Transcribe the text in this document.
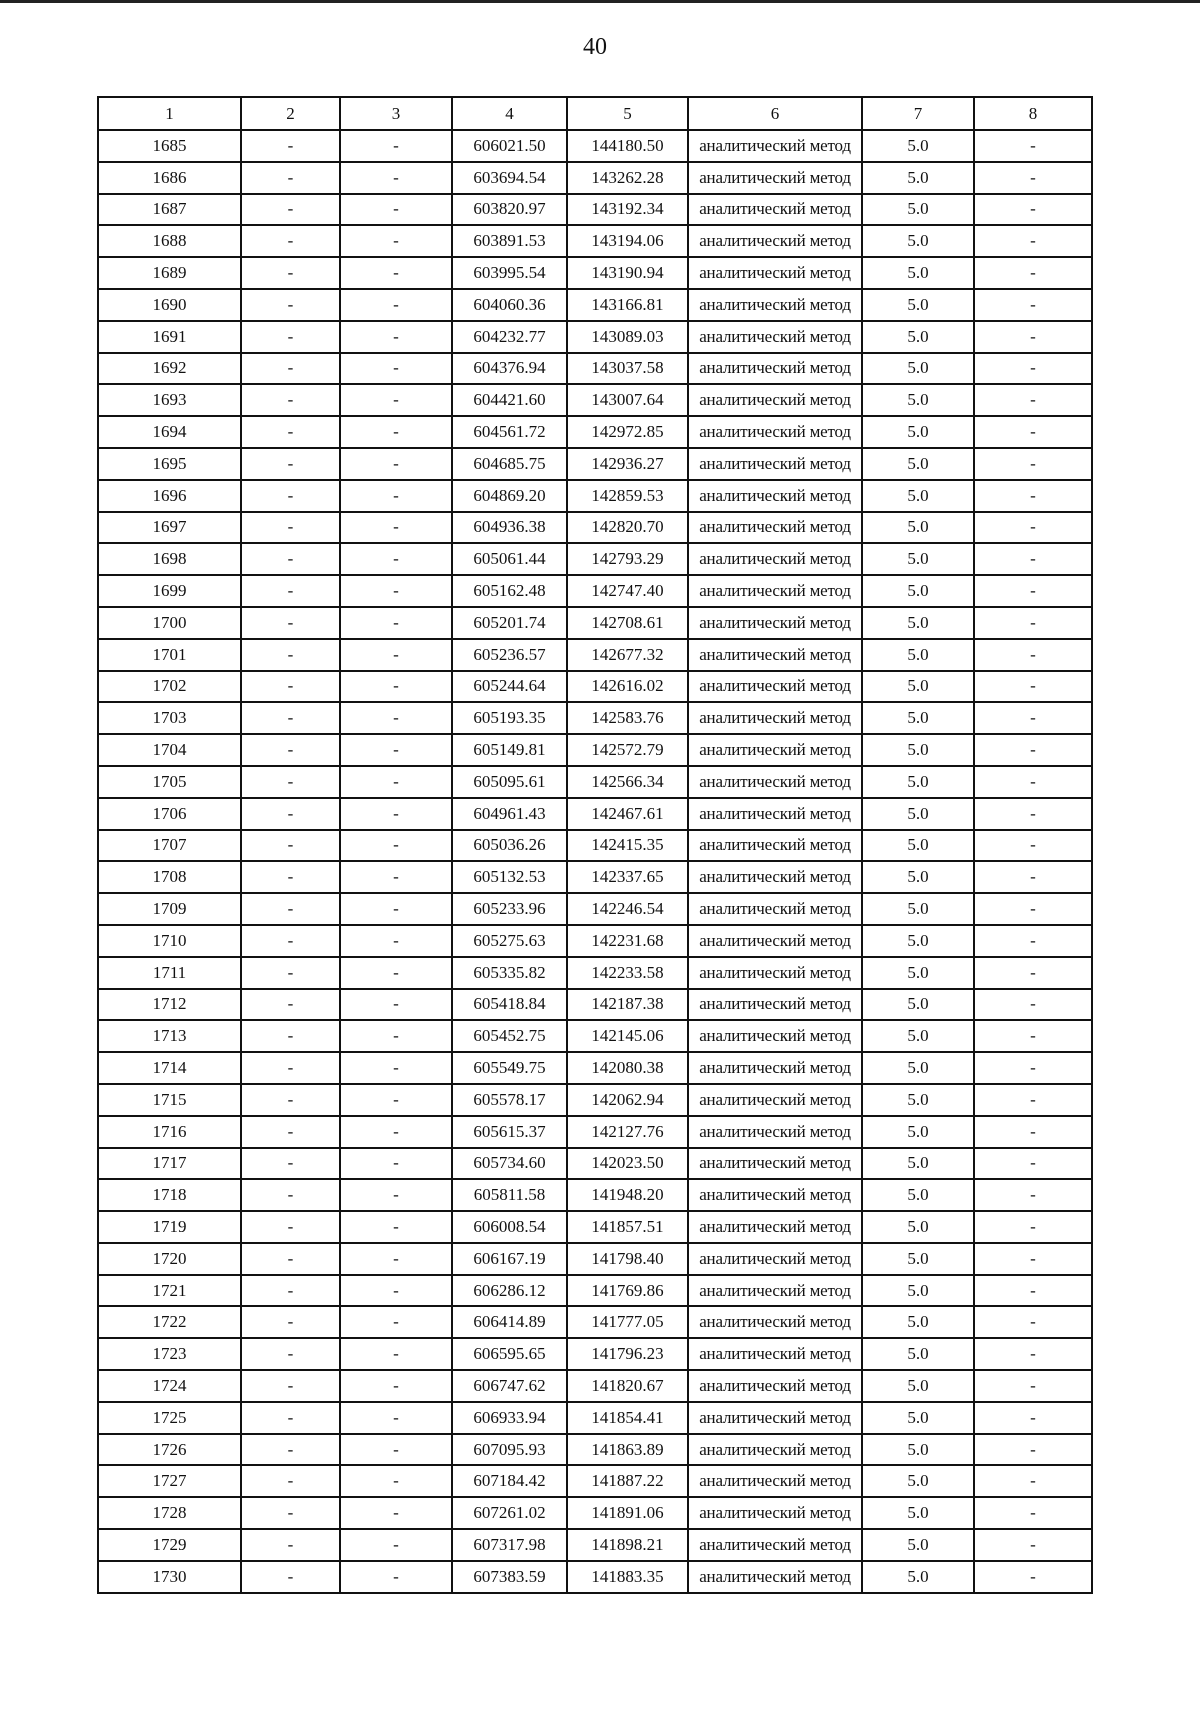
40
1	2	3	4	5	6	7	8
1685	-	-	606021.50	144180.50	аналитический метод	5.0	-
1686	-	-	603694.54	143262.28	аналитический метод	5.0	-
1687	-	-	603820.97	143192.34	аналитический метод	5.0	-
1688	-	-	603891.53	143194.06	аналитический метод	5.0	-
1689	-	-	603995.54	143190.94	аналитический метод	5.0	-
1690	-	-	604060.36	143166.81	аналитический метод	5.0	-
1691	-	-	604232.77	143089.03	аналитический метод	5.0	-
1692	-	-	604376.94	143037.58	аналитический метод	5.0	-
1693	-	-	604421.60	143007.64	аналитический метод	5.0	-
1694	-	-	604561.72	142972.85	аналитический метод	5.0	-
1695	-	-	604685.75	142936.27	аналитический метод	5.0	-
1696	-	-	604869.20	142859.53	аналитический метод	5.0	-
1697	-	-	604936.38	142820.70	аналитический метод	5.0	-
1698	-	-	605061.44	142793.29	аналитический метод	5.0	-
1699	-	-	605162.48	142747.40	аналитический метод	5.0	-
1700	-	-	605201.74	142708.61	аналитический метод	5.0	-
1701	-	-	605236.57	142677.32	аналитический метод	5.0	-
1702	-	-	605244.64	142616.02	аналитический метод	5.0	-
1703	-	-	605193.35	142583.76	аналитический метод	5.0	-
1704	-	-	605149.81	142572.79	аналитический метод	5.0	-
1705	-	-	605095.61	142566.34	аналитический метод	5.0	-
1706	-	-	604961.43	142467.61	аналитический метод	5.0	-
1707	-	-	605036.26	142415.35	аналитический метод	5.0	-
1708	-	-	605132.53	142337.65	аналитический метод	5.0	-
1709	-	-	605233.96	142246.54	аналитический метод	5.0	-
1710	-	-	605275.63	142231.68	аналитический метод	5.0	-
1711	-	-	605335.82	142233.58	аналитический метод	5.0	-
1712	-	-	605418.84	142187.38	аналитический метод	5.0	-
1713	-	-	605452.75	142145.06	аналитический метод	5.0	-
1714	-	-	605549.75	142080.38	аналитический метод	5.0	-
1715	-	-	605578.17	142062.94	аналитический метод	5.0	-
1716	-	-	605615.37	142127.76	аналитический метод	5.0	-
1717	-	-	605734.60	142023.50	аналитический метод	5.0	-
1718	-	-	605811.58	141948.20	аналитический метод	5.0	-
1719	-	-	606008.54	141857.51	аналитический метод	5.0	-
1720	-	-	606167.19	141798.40	аналитический метод	5.0	-
1721	-	-	606286.12	141769.86	аналитический метод	5.0	-
1722	-	-	606414.89	141777.05	аналитический метод	5.0	-
1723	-	-	606595.65	141796.23	аналитический метод	5.0	-
1724	-	-	606747.62	141820.67	аналитический метод	5.0	-
1725	-	-	606933.94	141854.41	аналитический метод	5.0	-
1726	-	-	607095.93	141863.89	аналитический метод	5.0	-
1727	-	-	607184.42	141887.22	аналитический метод	5.0	-
1728	-	-	607261.02	141891.06	аналитический метод	5.0	-
1729	-	-	607317.98	141898.21	аналитический метод	5.0	-
1730	-	-	607383.59	141883.35	аналитический метод	5.0	-
